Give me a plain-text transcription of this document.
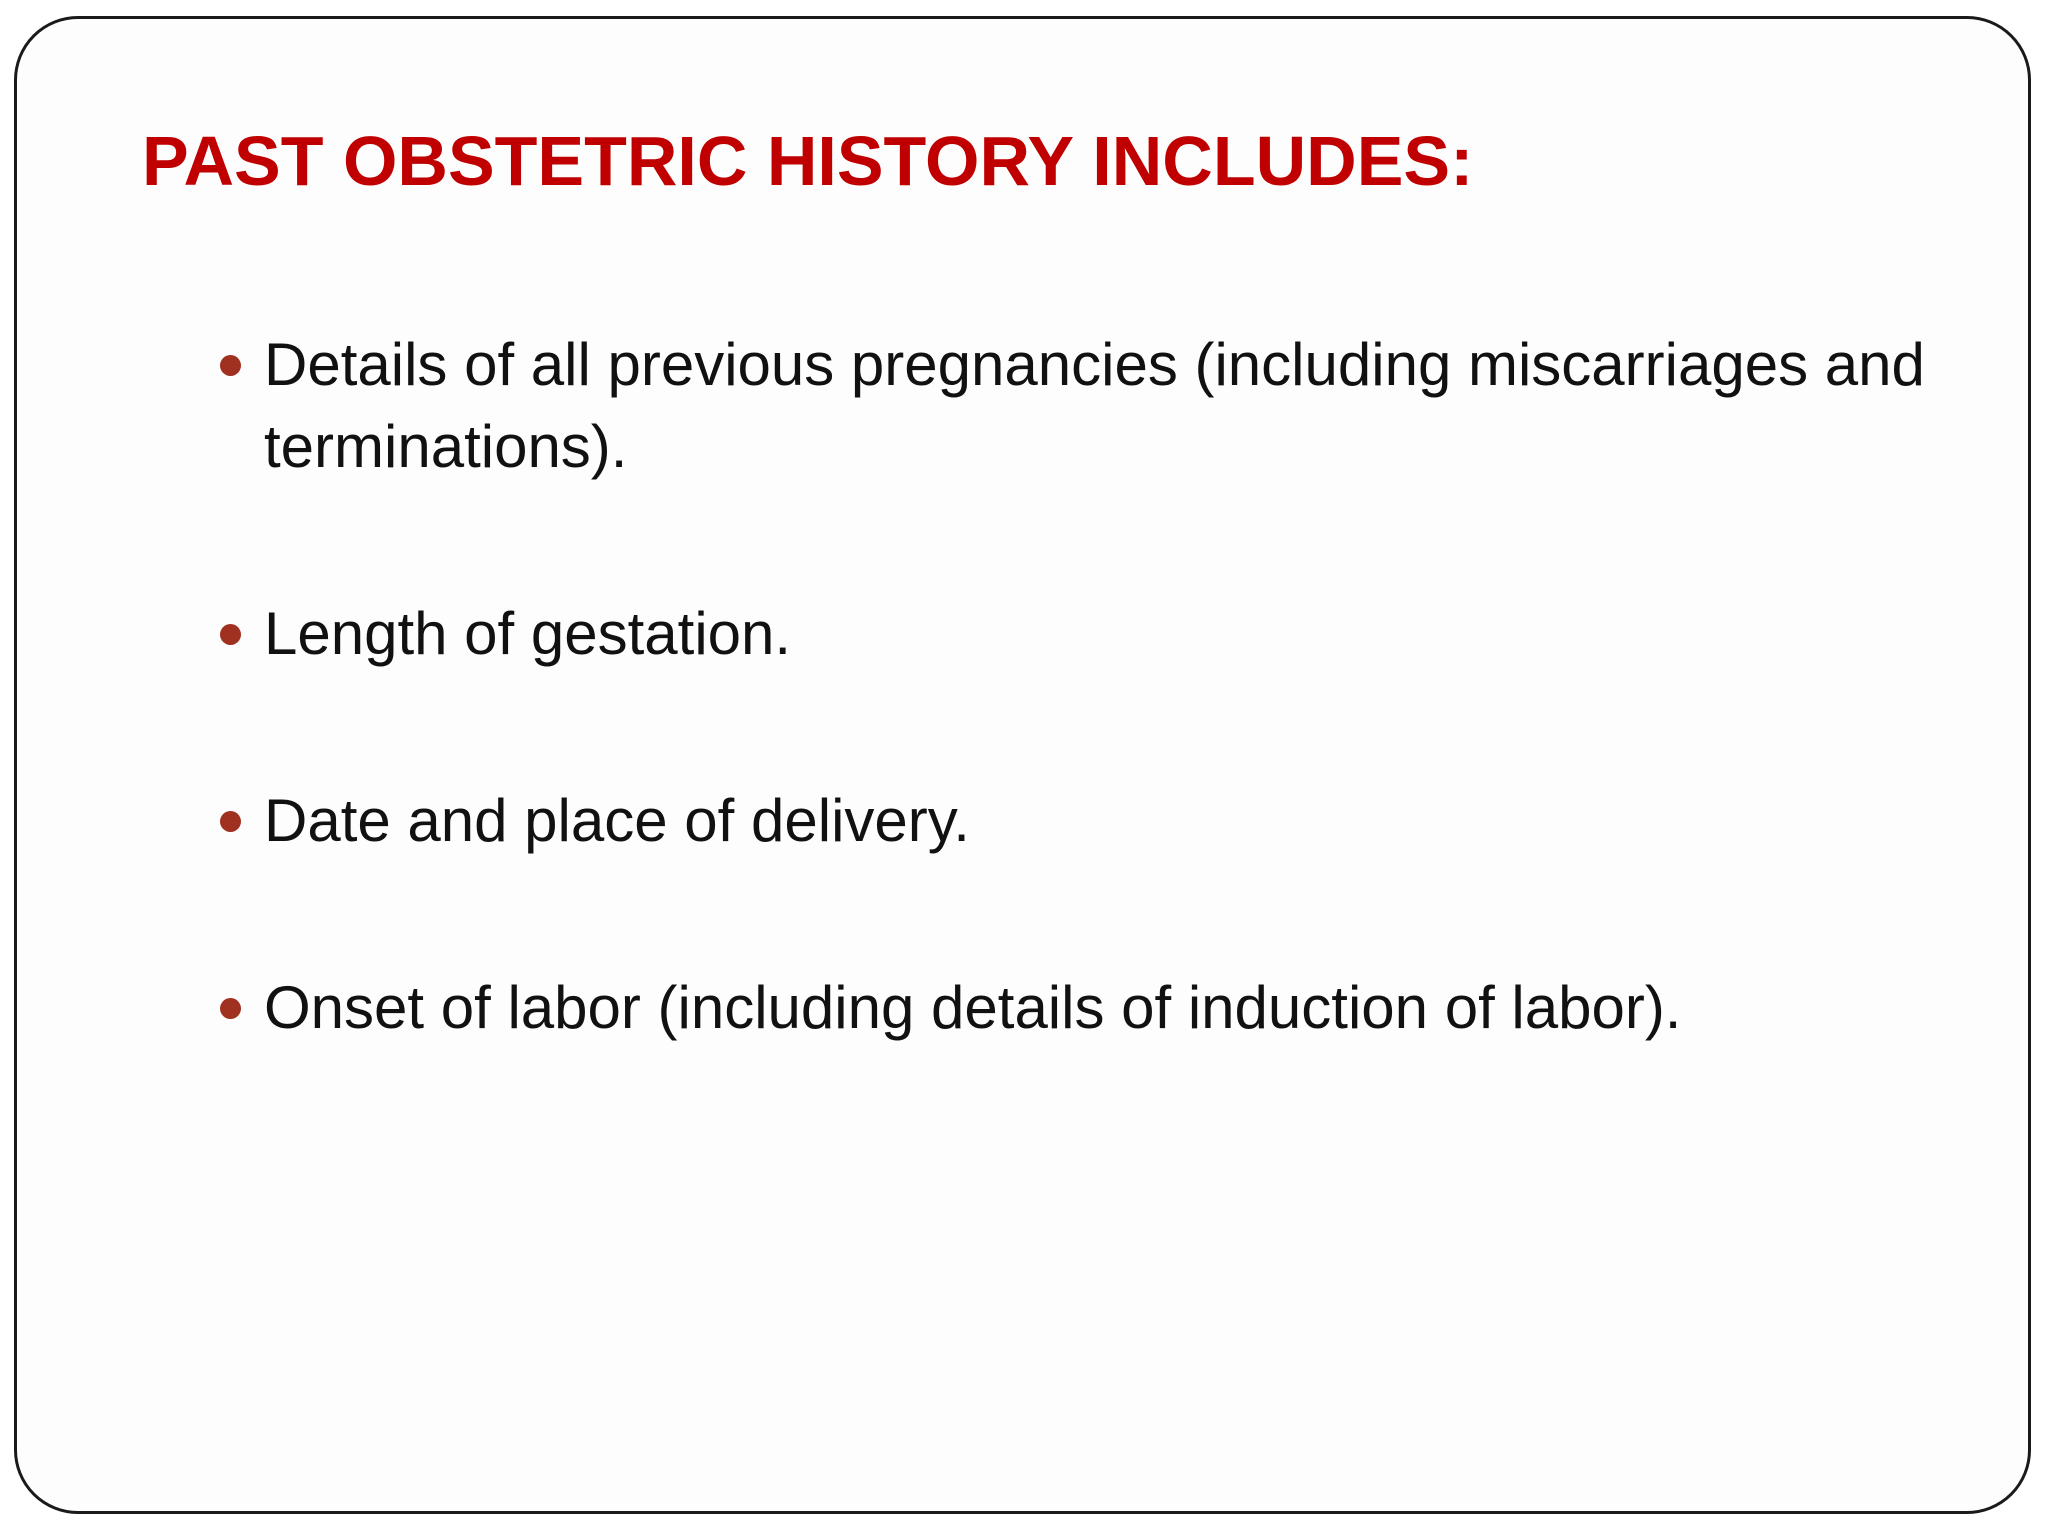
PAST OBSTETRIC HISTORY INCLUDES:
Details of all previous pregnancies (including miscarriages and terminations).
Length of gestation.
Date and place of delivery.
Onset of labor (including details of induction of labor).
